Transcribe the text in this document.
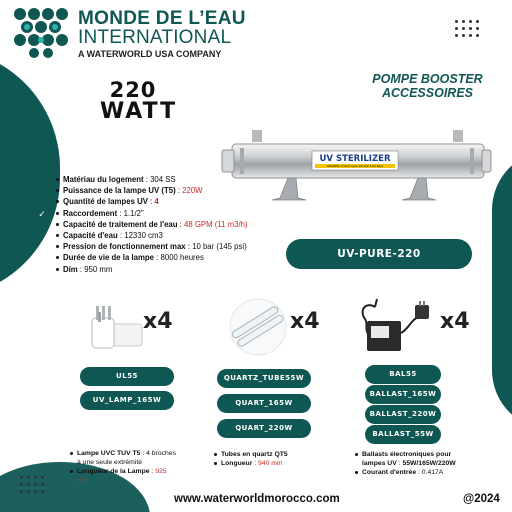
MONDE DE L’EAU
INTERNATIONAL
A WATERWORLD USA COMPANY
220
WATT
POMPE BOOSTER
ACCESSOIRES
UV STERILIZER
WARNING: Protect eyes and skin from Rays
✓
Matériau du logement : 304 SS
Puissance de la lampe UV (T5) : 220W
Quantité de lampes UV : 4
Raccordement : 1.1/2"
Capacité de traitement de l'eau : 48 GPM (11 m3/h)
Capacité d'eau : 12330 cm3
Pression de fonctionnement max : 10 bar (145 psi)
Durée de vie de la lampe : 8000 heures
Dim : 950 mm
UV-PURE-220
x4
UL55
UV_LAMP_165W
Lampe UVC TUV T5 : 4 broches à une seule extrémité
Longueur de la Lampe : 925 mm
x4
QUARTZ_TUBE55W
QUART_165W
QUART_220W
Tubes en quartz QT5
Longueur : 940 mm
x4
BAL55
BALLAST_165W
BALLAST_220W
BALLAST_55W
Ballasts électroniques pour lampes UV : 55W/165W/220W
Courant d'entrée : 0.417A
www.waterworldmorocco.com	@2024
